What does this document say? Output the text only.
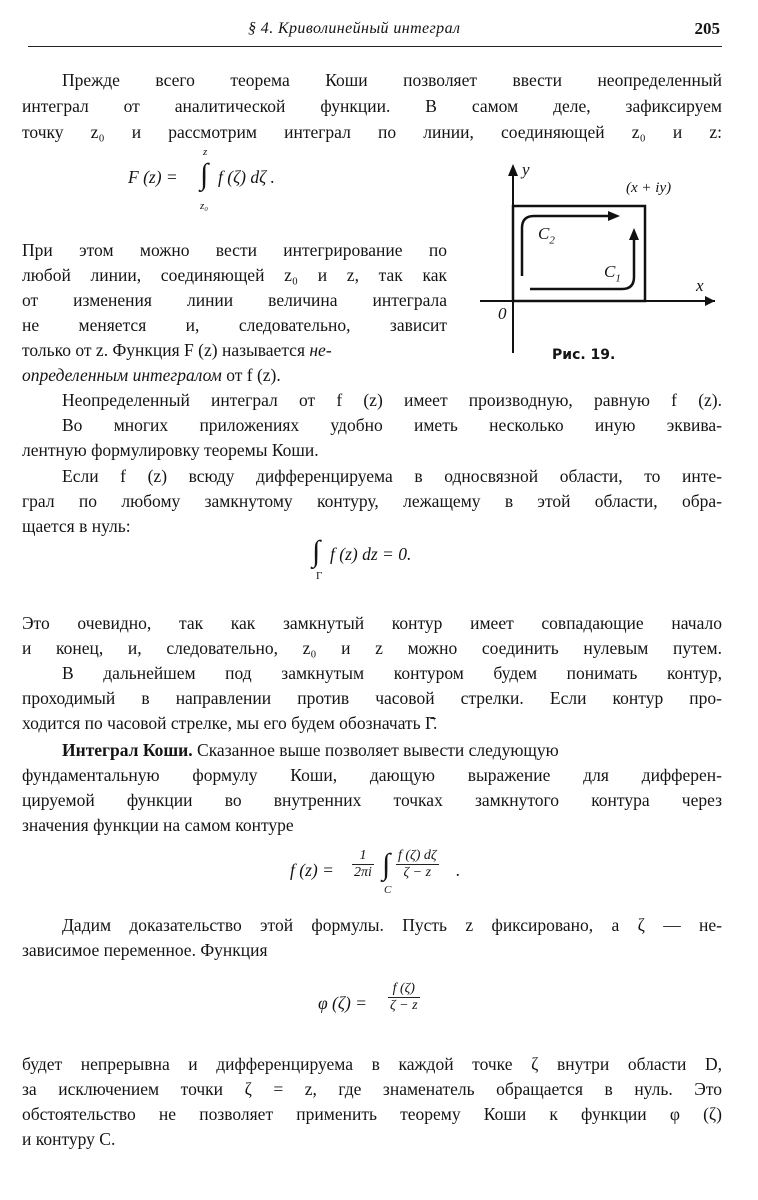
§ 4. Криволинейный интеграл	205
Прежде всего теорема Коши позволяет ввести неопределенный
интеграл от аналитической функции. В самом деле, зафиксируем
точку z₀ и рассмотрим интеграл по линии, соединяющей z₀ и z:
F (z) = ∫
z
z₀
f (ζ) dζ .	y
x
0
(x + iy)
$C_2$
$C_1$
Рис. 19.
При этом можно вести интегрирование по
любой линии, соединяющей z₀ и z, так как
от изменения линии величина интеграла
не меняется и, следовательно, зависит
только от z. Функция F (z) называется не-
определенным интегралом от f (z).
Неопределенный интеграл от f (z) имеет производную, равную f (z).
Во многих приложениях удобно иметь несколько иную эквива-
лентную формулировку теоремы Коши.
Если f (z) всюду дифференцируема в односвязной области, то инте-
грал по любому замкнутому контуру, лежащему в этой области, обра-
щается в нуль:
∫
Γ
f (z) dz = 0.
Это очевидно, так как замкнутый контур имеет совпадающие начало
и конец, и, следовательно, z₀ и z можно соединить нулевым путем.
В дальнейшем под замкнутым контуром будем понимать контур,
проходимый в направлении против часовой стрелки. Если контур про-
ходится по часовой стрелке, мы его будем обозначать Γ̄.
Интеграл Коши. Сказанное выше позволяет вывести следующую
фундаментальную формулу Коши, дающую выражение для дифферен-
цируемой функции во внутренних точках замкнутого контура через
значения функции на самом контуре
f $(z) = \frac{1}{2\pi i}$ ∫
C
$\frac{f (\zeta) d\zeta}{\zeta - z}$ .
Дадим доказательство этой формулы. Пусть z фиксировано, а ζ — не-
зависимое переменное. Функция
φ $(\zeta) = \frac{f (\zeta)}{\zeta - z}$
будет непрерывна и дифференцируема в каждой точке ζ внутри области D,
за исключением точки ζ = z, где знаменатель обращается в нуль. Это
обстоятельство не позволяет применить теорему Коши к функции φ (ζ)
и контуру C.
